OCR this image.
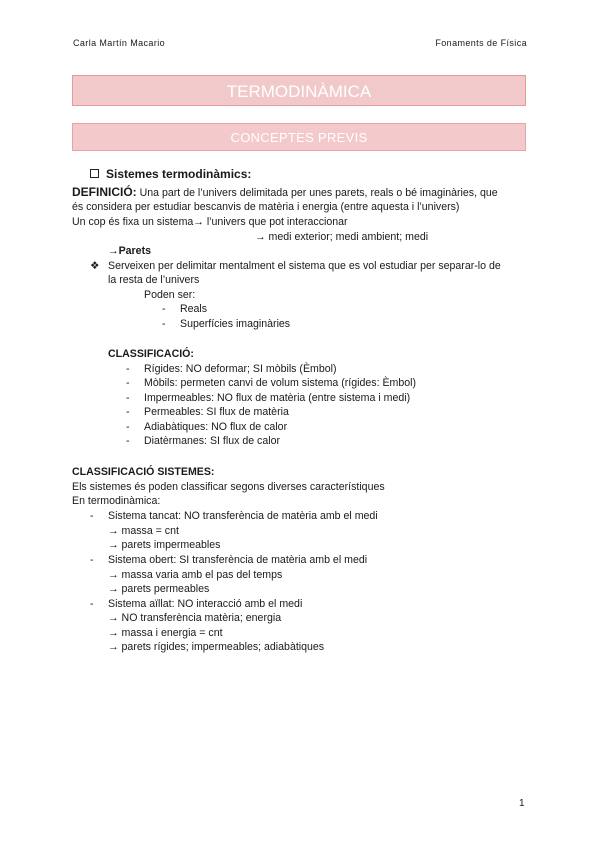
Carla Martín Macario	Fonaments de Física
TERMODINÀMICA
CONCEPTES PREVIS
Sistemes termodinàmics:
DEFINICIÓ: Una part de l’univers delimitada per unes parets, reals o bé imaginàries, que
és considera per estudiar bescanvis de matèria i energia (entre aquesta i l’univers)
Un cop és fixa un sistema→ l’univers que pot interaccionar
→ medi exterior; medi ambient; medi
→Parets
❖ Serveixen per delimitar mentalment el sistema que es vol estudiar per separar-lo de
la resta de l’univers
Poden ser:
- Reals
- Superfícies imaginàries
CLASSIFICACIÓ:
- Rígides: NO deformar; SI mòbils (Èmbol)
- Mòbils: permeten canvi de volum sistema (rígides: Èmbol)
- Impermeables: NO flux de matèria (entre sistema i medi)
- Permeables: SI flux de matèria
- Adiabàtiques: NO flux de calor
- Diatèrmanes: SI flux de calor
CLASSIFICACIÓ SISTEMES:
Els sistemes és poden classificar segons diverses característiques
En termodinàmica:
- Sistema tancat: NO transferència de matèria amb el medi
→ massa = cnt
→ parets impermeables
- Sistema obert: SI transferència de matèria amb el medi
→ massa varia amb el pas del temps
→ parets permeables
- Sistema aïllat: NO interacció amb el medi
→ NO transferència matèria; energia
→ massa i energia = cnt
→ parets rígides; impermeables; adiabàtiques
1
